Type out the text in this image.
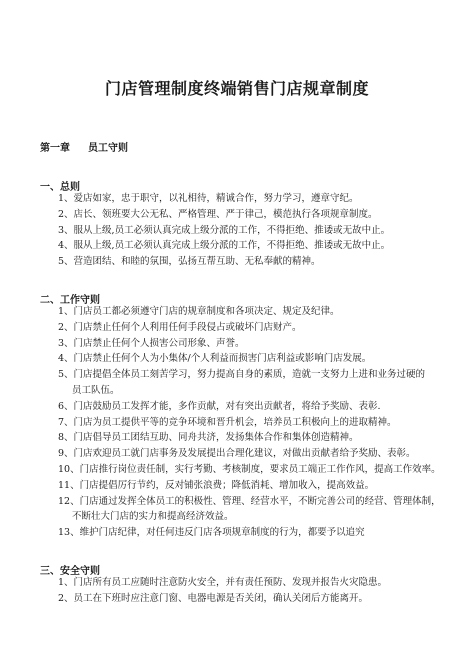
门店管理制度终端销售门店规章制度
第一章 员工守则
一、总则
1、爱店如家，忠于职守，以礼相待，精诚合作，努力学习，遵章守纪。
2、店长、领班要大公无私、严格管理、严于律己，模范执行各项规章制度。
3、服从上级,员工必须认真完成上级分派的工作，不得拒绝、推诿或无故中止。
4、服从上级,员工必须认真完成上级分派的工作，不得拒绝、推诿或无故中止。
5、营造团结、和睦的氛围，弘扬互帮互助、无私奉献的精神。
二、工作守则
1、门店员工都必须遵守门店的规章制度和各项决定、规定及纪律。
2、门店禁止任何个人利用任何手段侵占或破坏门店财产。
3、门店禁止任何个人损害公司形象、声誉。
4、门店禁止任何个人为小集体/个人利益而损害门店利益或影响门店发展。
5、门店提倡全体员工刻苦学习，努力提高自身的素质，造就一支努力上进和业务过硬的
员工队伍。
6、门店鼓励员工发挥才能，多作贡献，对有突出贡献者，将给予奖励、表彰.
7、门店为员工提供平等的竞争环境和晋升机会，培养员工积极向上的进取精神。
8、门店倡导员工团结互助、同舟共济，发扬集体合作和集体创造精神。
9、门店欢迎员工就门店事务及发展提出合理化建议，对做出贡献者给予奖励、表彰。
10、门店推行岗位责任制，实行考勤、考核制度，要求员工端正工作作风，提高工作效率。
11、门店提倡厉行节约，反对铺张浪费；降低消耗、增加收入，提高效益。
12、门店通过发挥全体员工的积极性、管理、经营水平，不断完善公司的经营、管理体制，
不断壮大门店的实力和提高经济效益。
13、维护门店纪律，对任何违反门店各项规章制度的行为，都要予以追究
三、安全守则
1、门店所有员工应随时注意防火安全，并有责任预防、发现并报告火灾隐患。
2、员工在下班时应注意门窗、电器电源是否关闭，确认关闭后方能离开。
